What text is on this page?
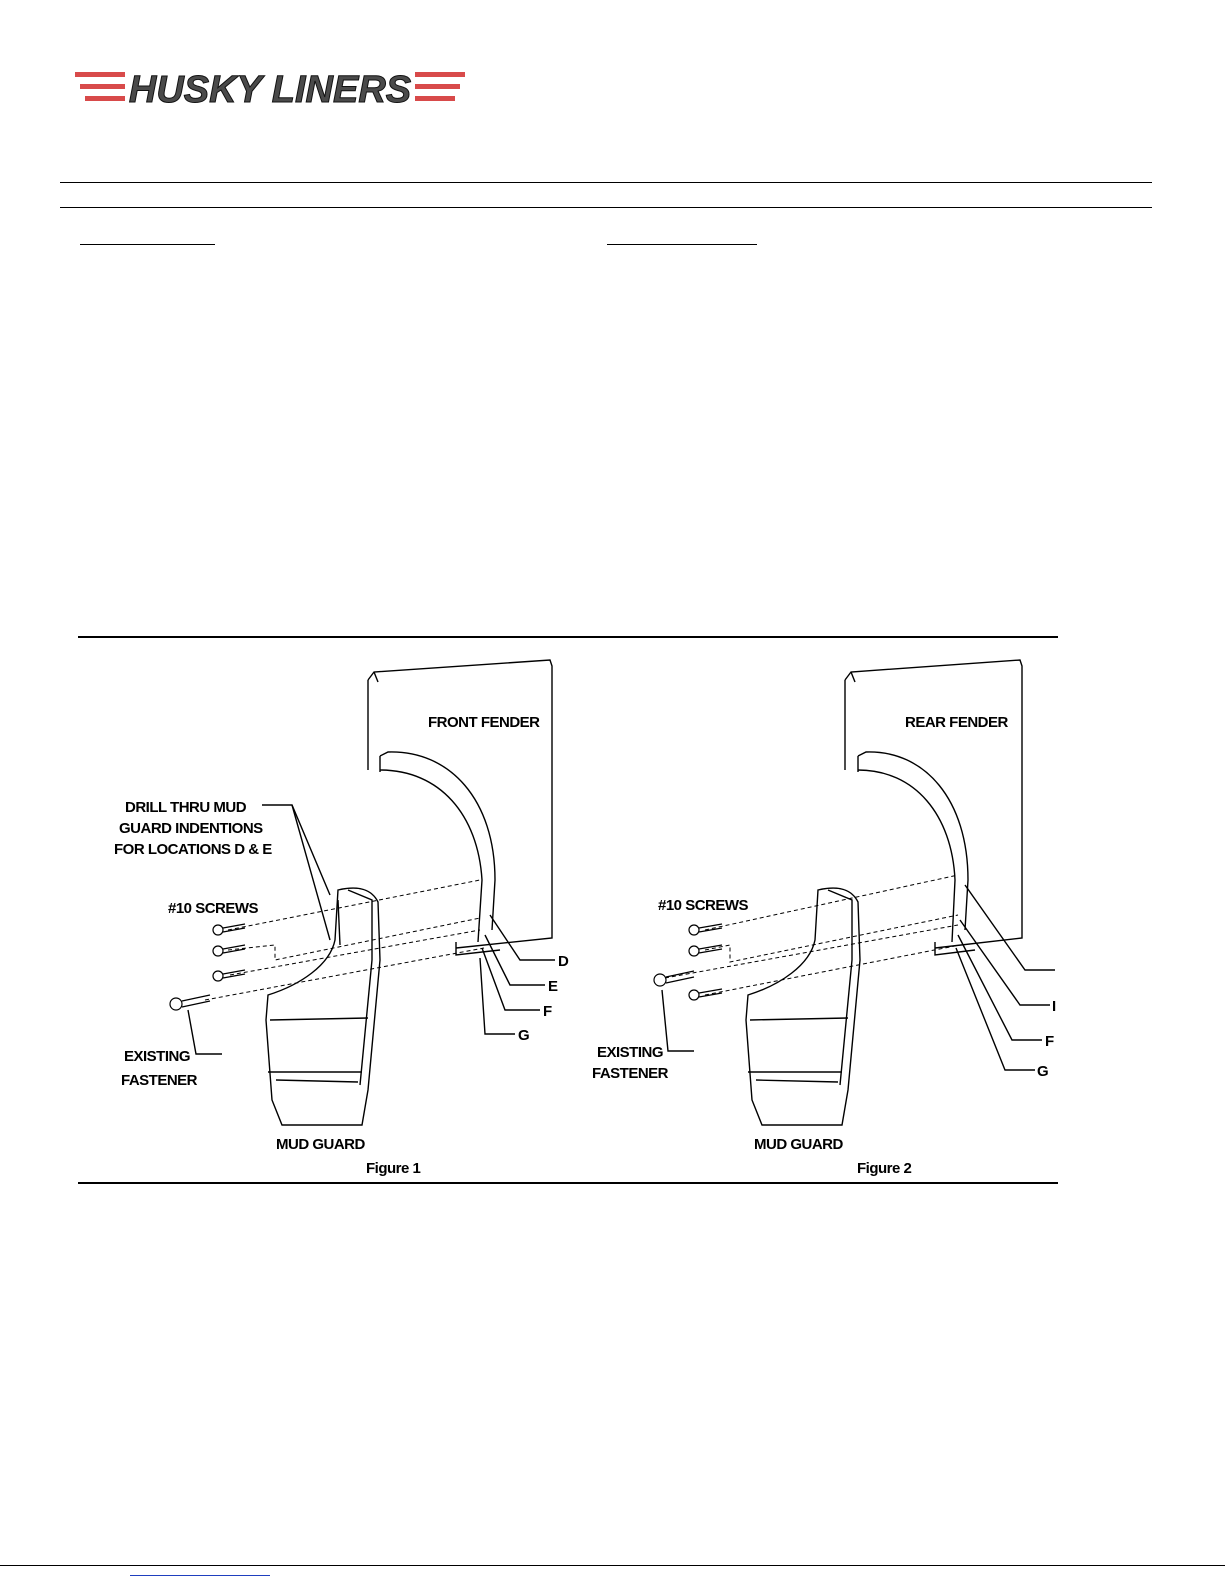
HUSKY LINERS
FRONT FENDER
DRILL THRU MUD
GUARD INDENTIONS
FOR LOCATIONS D & E
#10 SCREWS
EXISTING
FASTENER
MUD GUARD
Figure 1
D
E
F
G
REAR FENDER
#10 SCREWS
EXISTING
FASTENER
MUD GUARD
Figure 2
I
F
G
